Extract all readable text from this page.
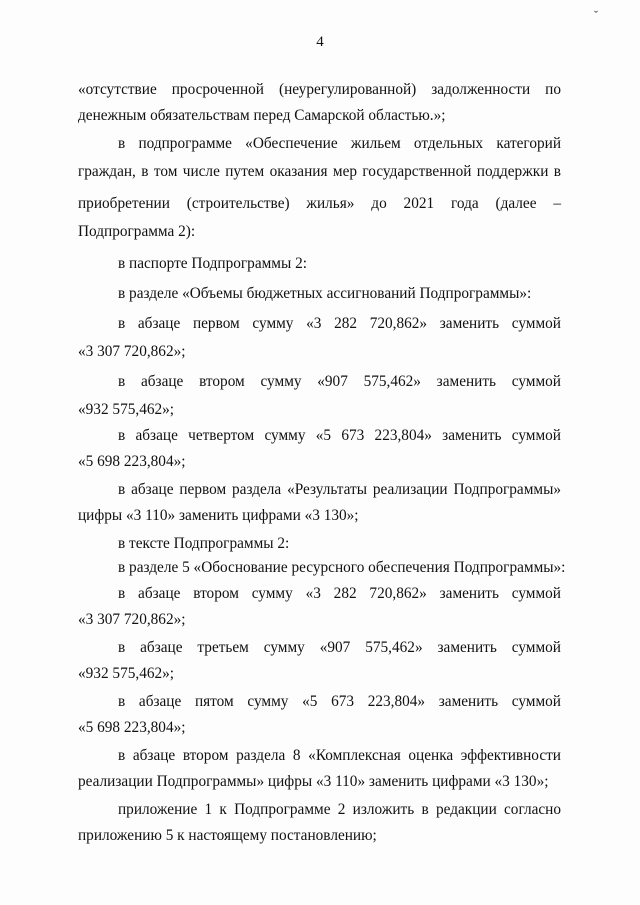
4
«отсутствие просроченной (неурегулированной) задолженности по
денежным обязательствам перед Самарской областью.»;
в подпрограмме «Обеспечение жильем отдельных категорий
граждан, в том числе путем оказания мер государственной поддержки в
приобретении (строительстве) жилья» до 2021 года (далее –
Подпрограмма 2):
в паспорте Подпрограммы 2:
в разделе «Объемы бюджетных ассигнований Подпрограммы»:
в абзаце первом сумму «3 282 720,862» заменить суммой
«3 307 720,862»;
в абзаце втором сумму «907 575,462» заменить суммой
«932 575,462»;
в абзаце четвертом сумму «5 673 223,804» заменить суммой
«5 698 223,804»;
в абзаце первом раздела «Результаты реализации Подпрограммы»
цифры «3 110» заменить цифрами «3 130»;
в тексте Подпрограммы 2:
в разделе 5 «Обоснование ресурсного обеспечения Подпрограммы»:
в абзаце втором сумму «3 282 720,862» заменить суммой
«3 307 720,862»;
в абзаце третьем сумму «907 575,462» заменить суммой
«932 575,462»;
в абзаце пятом сумму «5 673 223,804» заменить суммой
«5 698 223,804»;
в абзаце втором раздела 8 «Комплексная оценка эффективности
реализации Подпрограммы» цифры «3 110» заменить цифрами «3 130»;
приложение 1 к Подпрограмме 2 изложить в редакции согласно
приложению 5 к настоящему постановлению;
ˇ
